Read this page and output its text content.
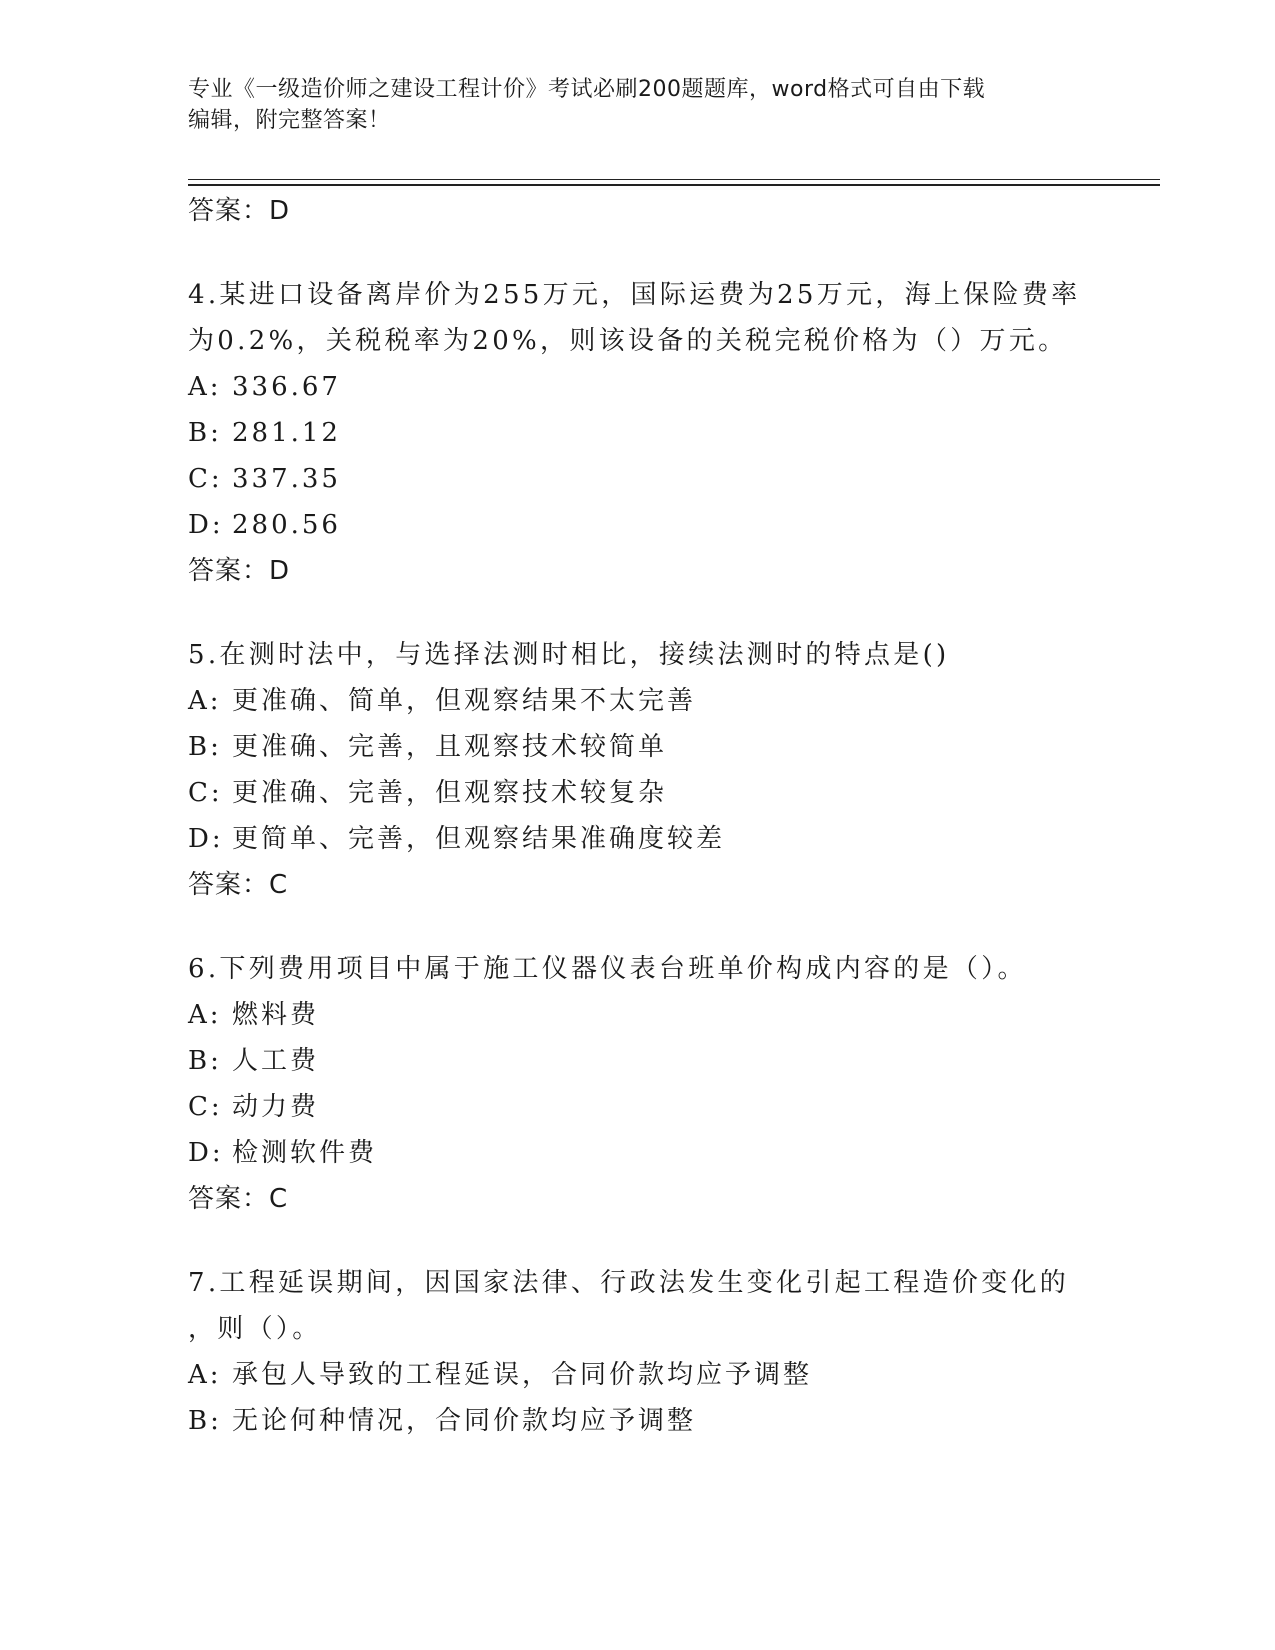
专业《一级造价师之建设工程计价》考试必刷200题题库，word格式可自由下载
编辑，附完整答案！
答案：D
4.某进口设备离岸价为255万元，国际运费为25万元，海上保险费率
为0.2%，关税税率为20%，则该设备的关税完税价格为（）万元。
A: 336.67
B: 281.12
C: 337.35
D: 280.56
答案：D
5.在测时法中，与选择法测时相比，接续法测时的特点是()
A: 更准确、简单，但观察结果不太完善
B: 更准确、完善，且观察技术较简单
C: 更准确、完善，但观察技术较复杂
D: 更简单、完善，但观察结果准确度较差
答案：C
6.下列费用项目中属于施工仪器仪表台班单价构成内容的是（）。
A: 燃料费
B: 人工费
C: 动力费
D: 检测软件费
答案：C
7.工程延误期间，因国家法律、行政法发生变化引起工程造价变化的
，则（）。
A: 承包人导致的工程延误，合同价款均应予调整
B: 无论何种情况，合同价款均应予调整
